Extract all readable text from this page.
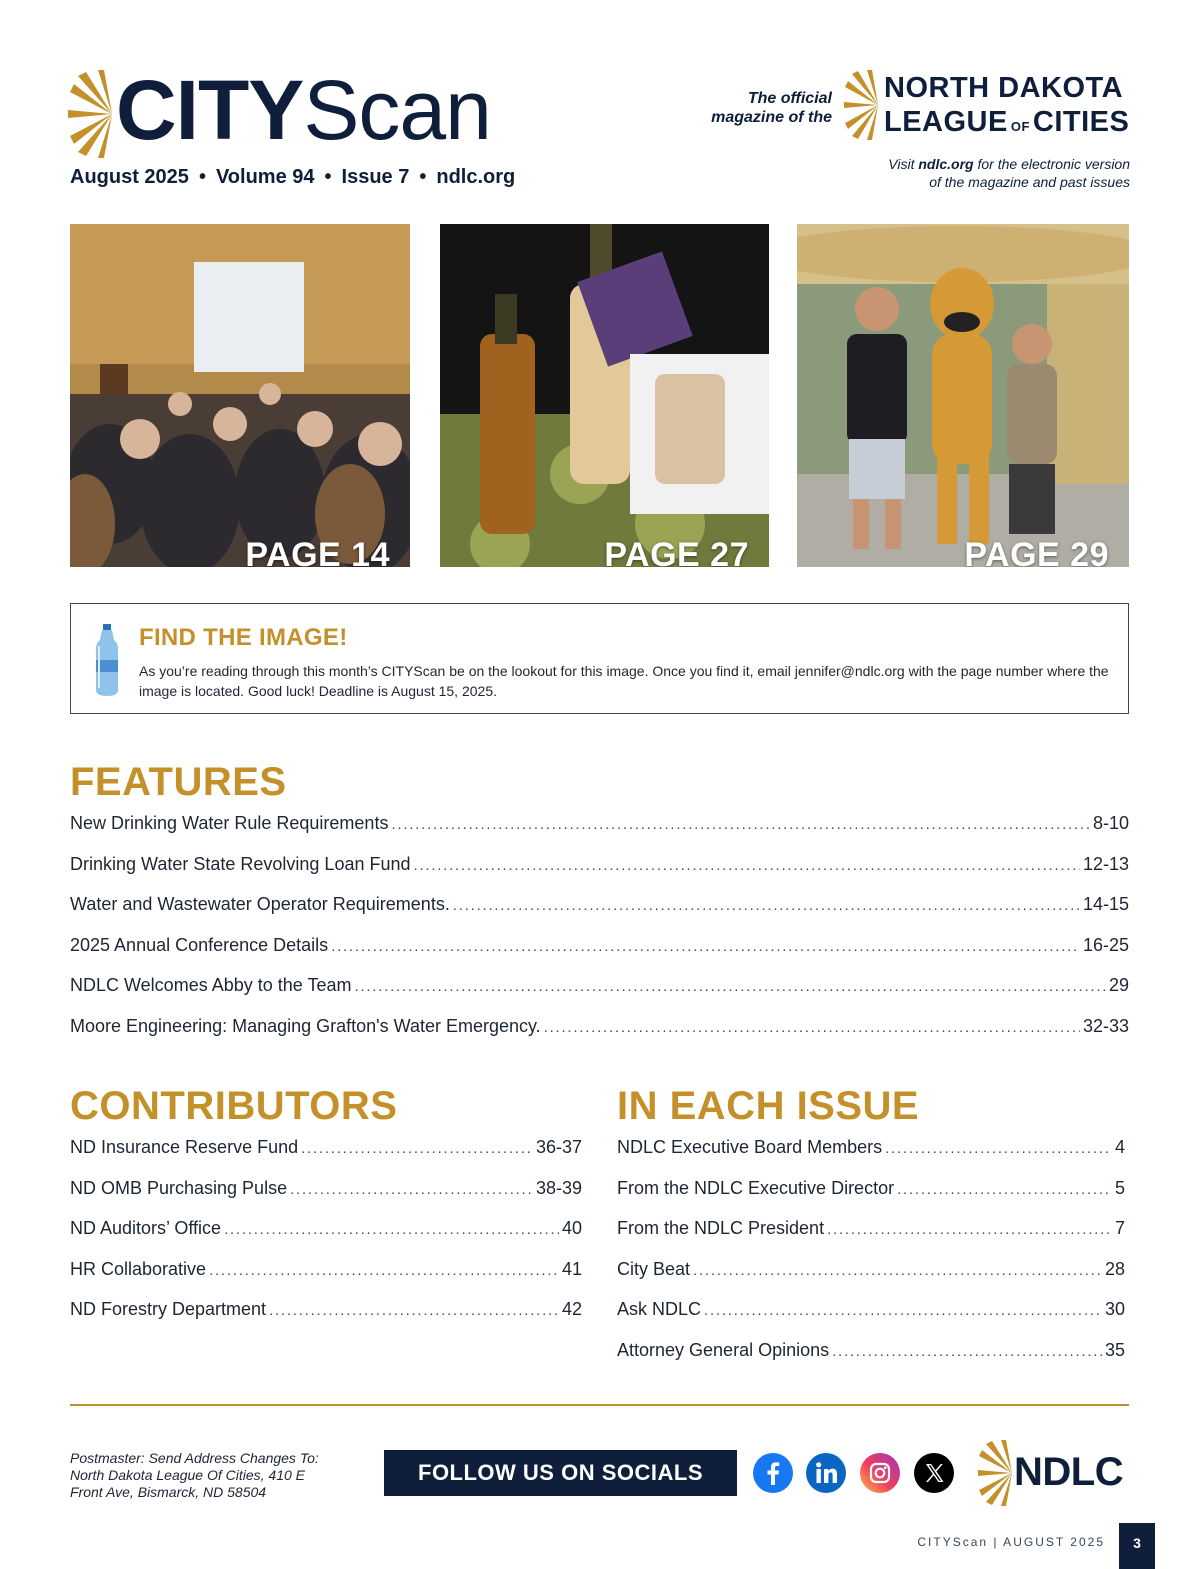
CITYScan
August 2025 • Volume 94 • Issue 7 • ndlc.org
The official
magazine of the
NORTH DAKOTA
LEAGUE OF CITIES
Visit ndlc.org for the electronic version
of the magazine and past issues
PAGE 14	PAGE 27	PAGE 29
FIND THE IMAGE!
As you’re reading through this month’s CITYScan be on the lookout for this image. Once you find it, email jennifer@ndlc.org with the page number where the image is located. Good luck! Deadline is August 15, 2025.
FEATURES
New Drinking Water Rule Requirements . . .	8-10
Drinking Water State Revolving Loan Fund . . .	12-13
Water and Wastewater Operator Requirements. . . .	14-15
2025 Annual Conference Details . . .	16-25
NDLC Welcomes Abby to the Team . . .	29
Moore Engineering: Managing Grafton's Water Emergency. . . .	32-33
CONTRIBUTORS
ND Insurance Reserve Fund . . .	36-37
ND OMB Purchasing Pulse . . .	38-39
ND Auditors’ Office . . .	40
HR Collaborative . . .	41
ND Forestry Department . . .	42
IN EACH ISSUE
NDLC Executive Board Members . . .	4
From the NDLC Executive Director . . .	5
From the NDLC President . . .	7
City Beat . . .	28
Ask NDLC . . .	30
Attorney General Opinions . . .	35
Postmaster: Send Address Changes To:
North Dakota League Of Cities, 410 E
Front Ave, Bismarck, ND 58504
FOLLOW US ON SOCIALS	NDLC
CITYScan | AUGUST 2025	3
